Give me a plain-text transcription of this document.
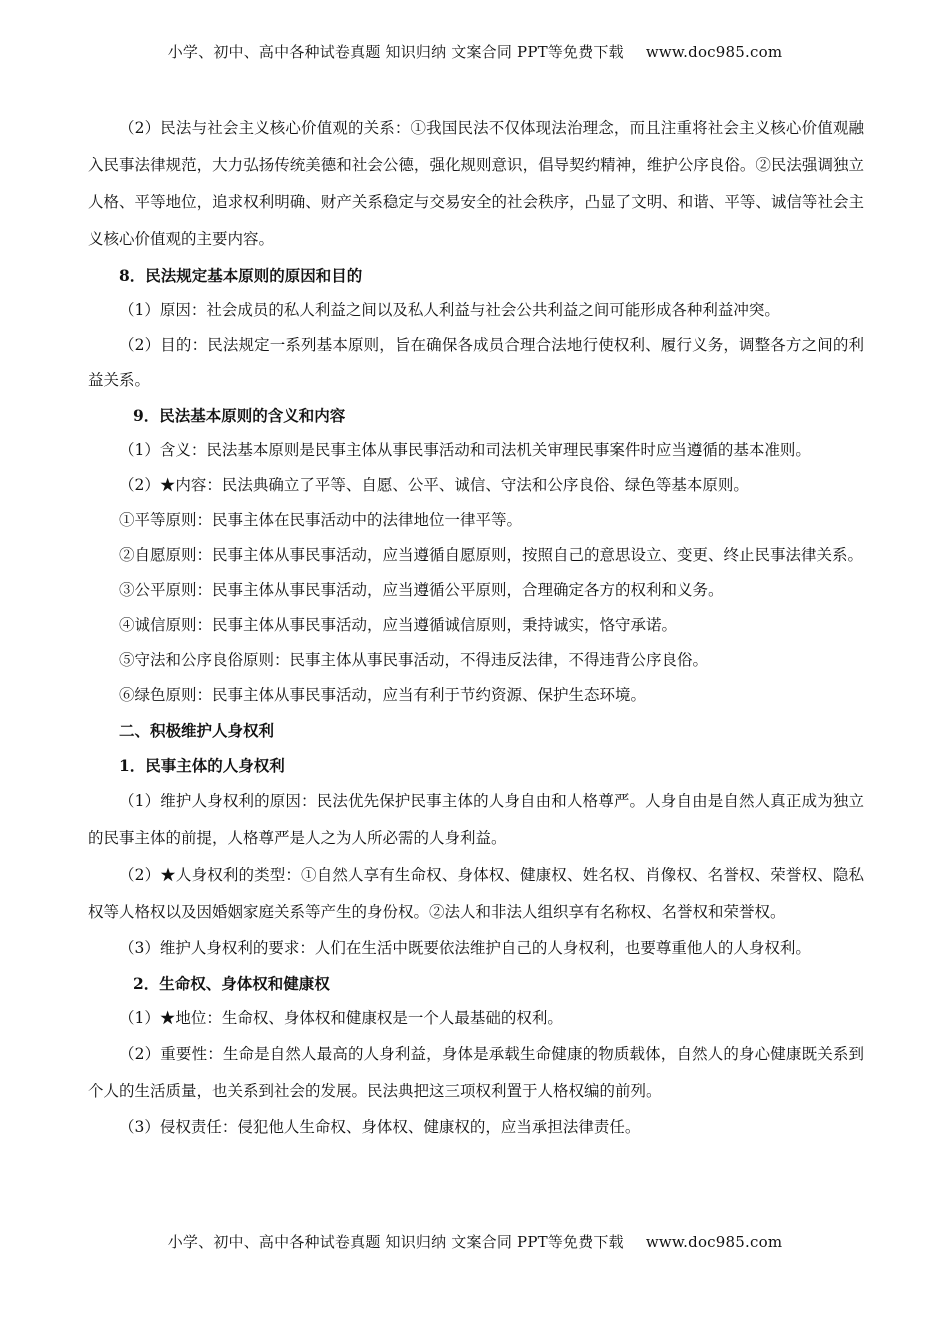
小学、初中、高中各种试卷真题 知识归纳 文案合同 PPT等免费下载 www.doc985.com

（2）民法与社会主义核心价值观的关系：①我国民法不仅体现法治理念，而且注重将社会主义核心价值观融入民事法律规范，大力弘扬传统美德和社会公德，强化规则意识，倡导契约精神，维护公序良俗。②民法强调独立人格、平等地位，追求权利明确、财产关系稳定与交易安全的社会秩序，凸显了文明、和谐、平等、诚信等社会主义核心价值观的主要内容。

8．民法规定基本原则的原因和目的

（1）原因：社会成员的私人利益之间以及私人利益与社会公共利益之间可能形成各种利益冲突。

（2）目的：民法规定一系列基本原则，旨在确保各成员合理合法地行使权利、履行义务，调整各方之间的利益关系。

9．民法基本原则的含义和内容

（1）含义：民法基本原则是民事主体从事民事活动和司法机关审理民事案件时应当遵循的基本准则。

（2）★内容：民法典确立了平等、自愿、公平、诚信、守法和公序良俗、绿色等基本原则。

①平等原则：民事主体在民事活动中的法律地位一律平等。

②自愿原则：民事主体从事民事活动，应当遵循自愿原则，按照自己的意思设立、变更、终止民事法律关系。

③公平原则：民事主体从事民事活动，应当遵循公平原则，合理确定各方的权利和义务。

④诚信原则：民事主体从事民事活动，应当遵循诚信原则，秉持诚实，恪守承诺。

⑤守法和公序良俗原则：民事主体从事民事活动，不得违反法律，不得违背公序良俗。

⑥绿色原则：民事主体从事民事活动，应当有利于节约资源、保护生态环境。

二、积极维护人身权利

1．民事主体的人身权利

（1）维护人身权利的原因：民法优先保护民事主体的人身自由和人格尊严。人身自由是自然人真正成为独立的民事主体的前提，人格尊严是人之为人所必需的人身利益。

（2）★人身权利的类型：①自然人享有生命权、身体权、健康权、姓名权、肖像权、名誉权、荣誉权、隐私权等人格权以及因婚姻家庭关系等产生的身份权。②法人和非法人组织享有名称权、名誉权和荣誉权。

（3）维护人身权利的要求：人们在生活中既要依法维护自己的人身权利，也要尊重他人的人身权利。

2．生命权、身体权和健康权

（1）★地位：生命权、身体权和健康权是一个人最基础的权利。

（2）重要性：生命是自然人最高的人身利益，身体是承载生命健康的物质载体，自然人的身心健康既关系到个人的生活质量，也关系到社会的发展。民法典把这三项权利置于人格权编的前列。

（3）侵权责任：侵犯他人生命权、身体权、健康权的，应当承担法律责任。

小学、初中、高中各种试卷真题 知识归纳 文案合同 PPT等免费下载 www.doc985.com
